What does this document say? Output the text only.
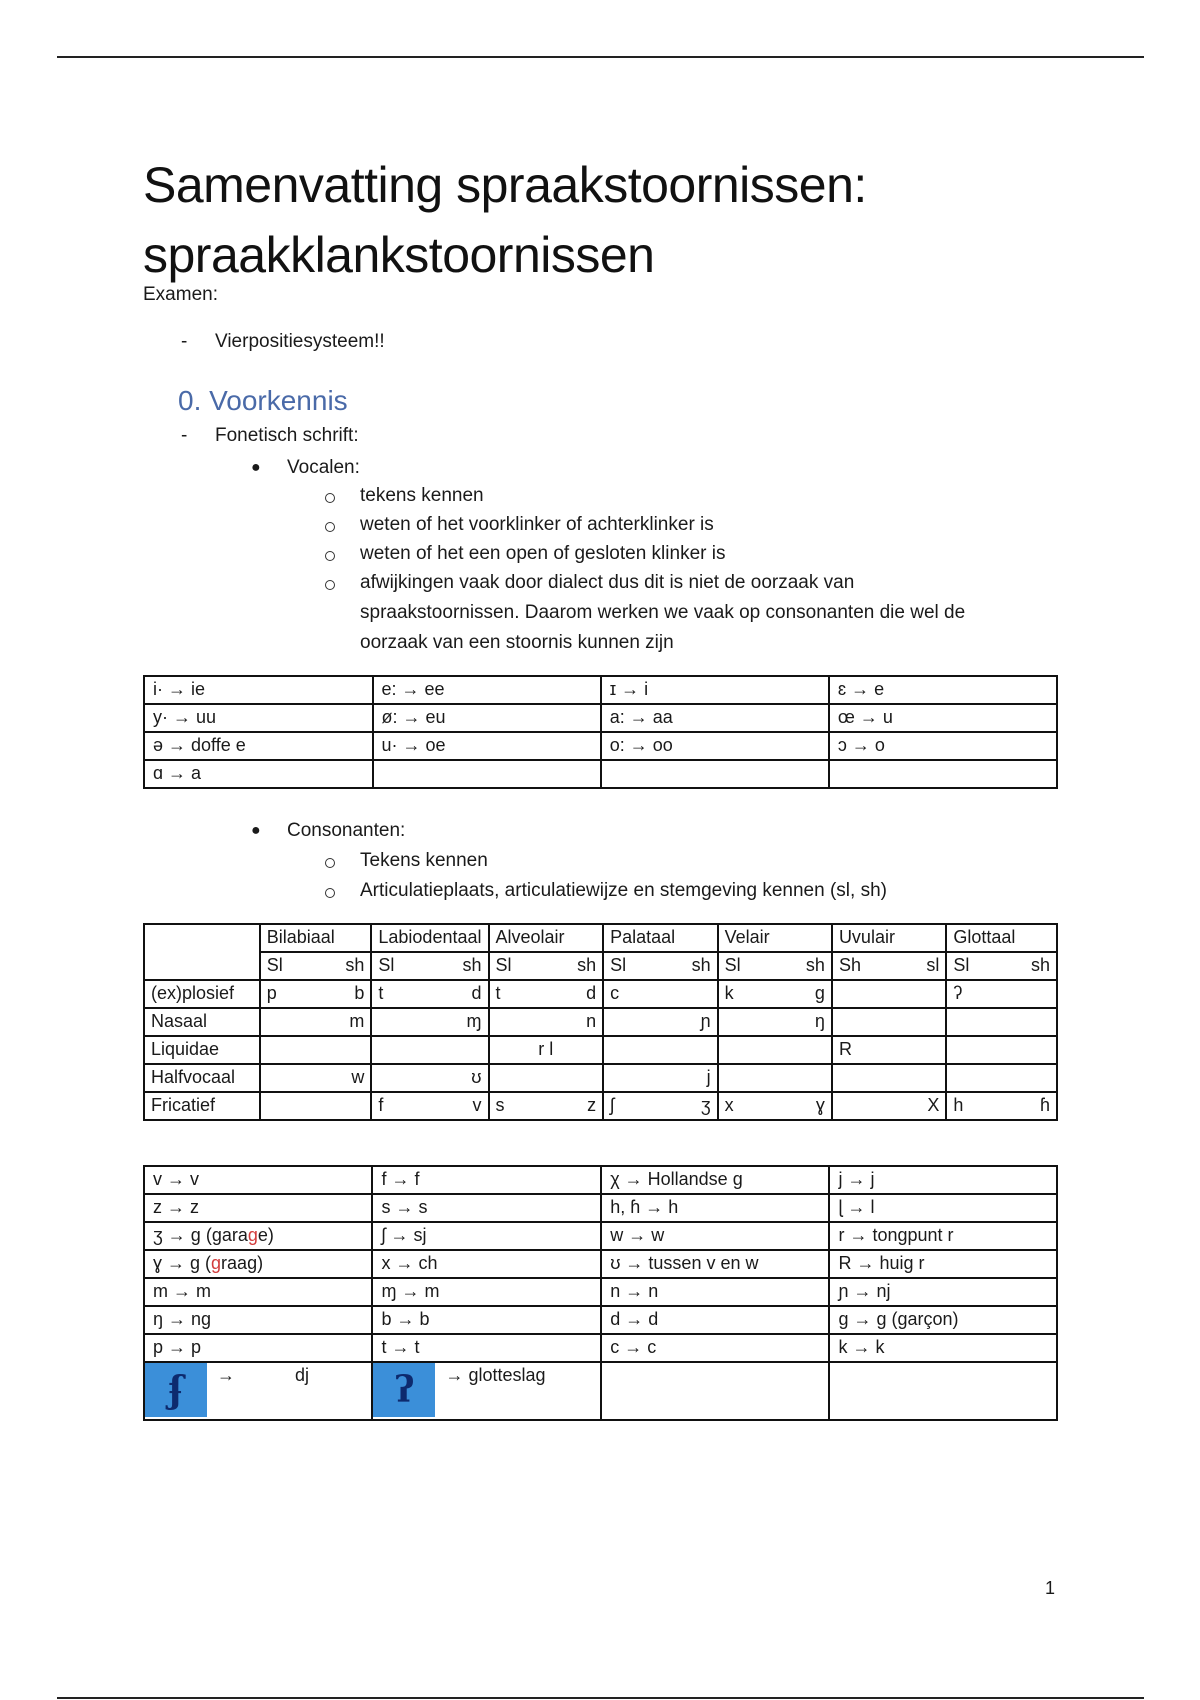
Samenvatting spraakstoornissen:
spraakklankstoornissen
Examen:
- Vierpositiesysteem!!
0. Voorkennis
- Fonetisch schrift:
● Vocalen:
tekens kennen
weten of het voorklinker of achterklinker is
weten of het een open of gesloten klinker is
afwijkingen vaak door dialect dus dit is niet de oorzaak van
spraakstoornissen. Daarom werken we vaak op consonanten die wel de
oorzaak van een stoornis kunnen zijn
i· → ie	e: → ee	ɪ → i	ɛ → e
y· → uu	ø: → eu	a: → aa	œ → u
ə → doffe e	u· → oe	o: → oo	ɔ → o
ɑ → a			
● Consonanten:
Tekens kennen
Articulatieplaats, articulatiewijze en stemgeving kennen (sl, sh)
	Bilabiaal	Labiodentaal	Alveolair	Palataal	Velair	Uvulair	Glottaal

	Sl sh	Sl sh	Sl sh	Sl sh	Sl sh	Sh sl	Sl sh

(ex)plosief	p b	t d	t d	c	k g		ʔ

Nasaal	m	ɱ	n	ɲ	ŋ		

Liquidae			r l			R	

Halfvocaal	w	ʊ		j			

Fricatief		f v	s z	ʃ ʒ	x ɣ	X	h ɦ
v → v	f → f	χ → Hollandse g	j → j
z → z	s → s	h, ɦ → h	ɭ → l
ʒ → g (garage)	ʃ → sj	w → w	r → tongpunt r
ɣ → g (graag)	x → ch	ʊ → tussen v en w	R → huig r
m → m	ɱ → m	n → n	ɲ → nj
ŋ → ng	b → b	d → d	g → g (garçon)
p → p	t → t	c → c	k → k
ʄ → dj	ʔ → glotteslag		
1
